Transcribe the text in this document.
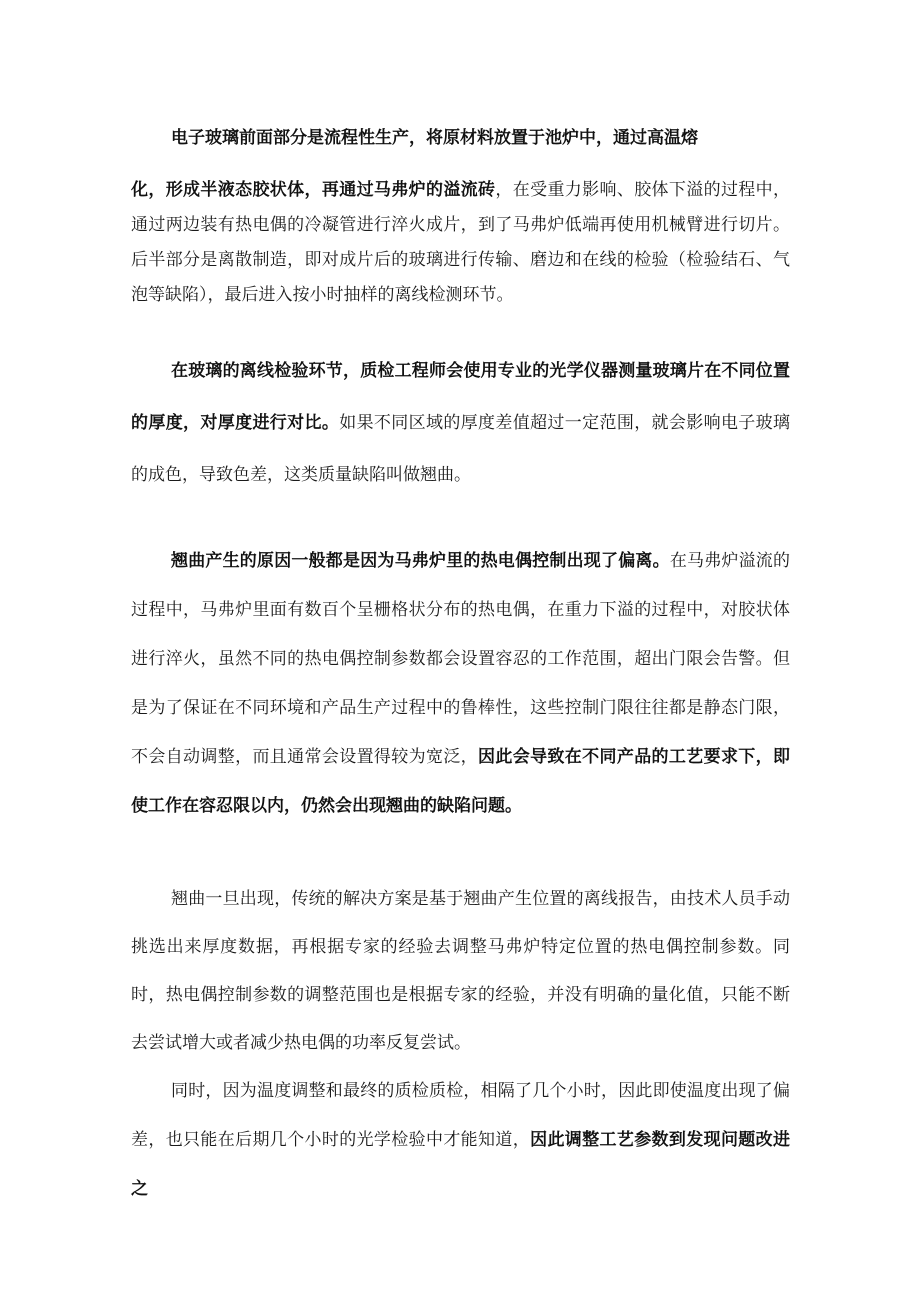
电子玻璃前面部分是流程性生产，将原材料放置于池炉中，通过高温熔

化，形成半液态胶状体，再通过马弗炉的溢流砖，在受重力影响、胶体下溢的过程中，通过两边装有热电偶的冷凝管进行淬火成片，到了马弗炉低端再使用机械臂进行切片。后半部分是离散制造，即对成片后的玻璃进行传输、磨边和在线的检验（检验结石、气泡等缺陷），最后进入按小时抽样的离线检测环节。

在玻璃的离线检验环节，质检工程师会使用专业的光学仪器测量玻璃片在不同位置的厚度，对厚度进行对比。如果不同区域的厚度差值超过一定范围，就会影响电子玻璃的成色，导致色差，这类质量缺陷叫做翘曲。

翘曲产生的原因一般都是因为马弗炉里的热电偶控制出现了偏离。在马弗炉溢流的过程中，马弗炉里面有数百个呈栅格状分布的热电偶，在重力下溢的过程中，对胶状体进行淬火，虽然不同的热电偶控制参数都会设置容忍的工作范围，超出门限会告警。但是为了保证在不同环境和产品生产过程中的鲁棒性，这些控制门限往往都是静态门限，不会自动调整，而且通常会设置得较为宽泛，因此会导致在不同产品的工艺要求下，即使工作在容忍限以内，仍然会出现翘曲的缺陷问题。

翘曲一旦出现，传统的解决方案是基于翘曲产生位置的离线报告，由技术人员手动挑选出来厚度数据，再根据专家的经验去调整马弗炉特定位置的热电偶控制参数。同时，热电偶控制参数的调整范围也是根据专家的经验，并没有明确的量化值，只能不断去尝试增大或者减少热电偶的功率反复尝试。

同时，因为温度调整和最终的质检质检，相隔了几个小时，因此即使温度出现了偏差，也只能在后期几个小时的光学检验中才能知道，因此调整工艺参数到发现问题改进之
